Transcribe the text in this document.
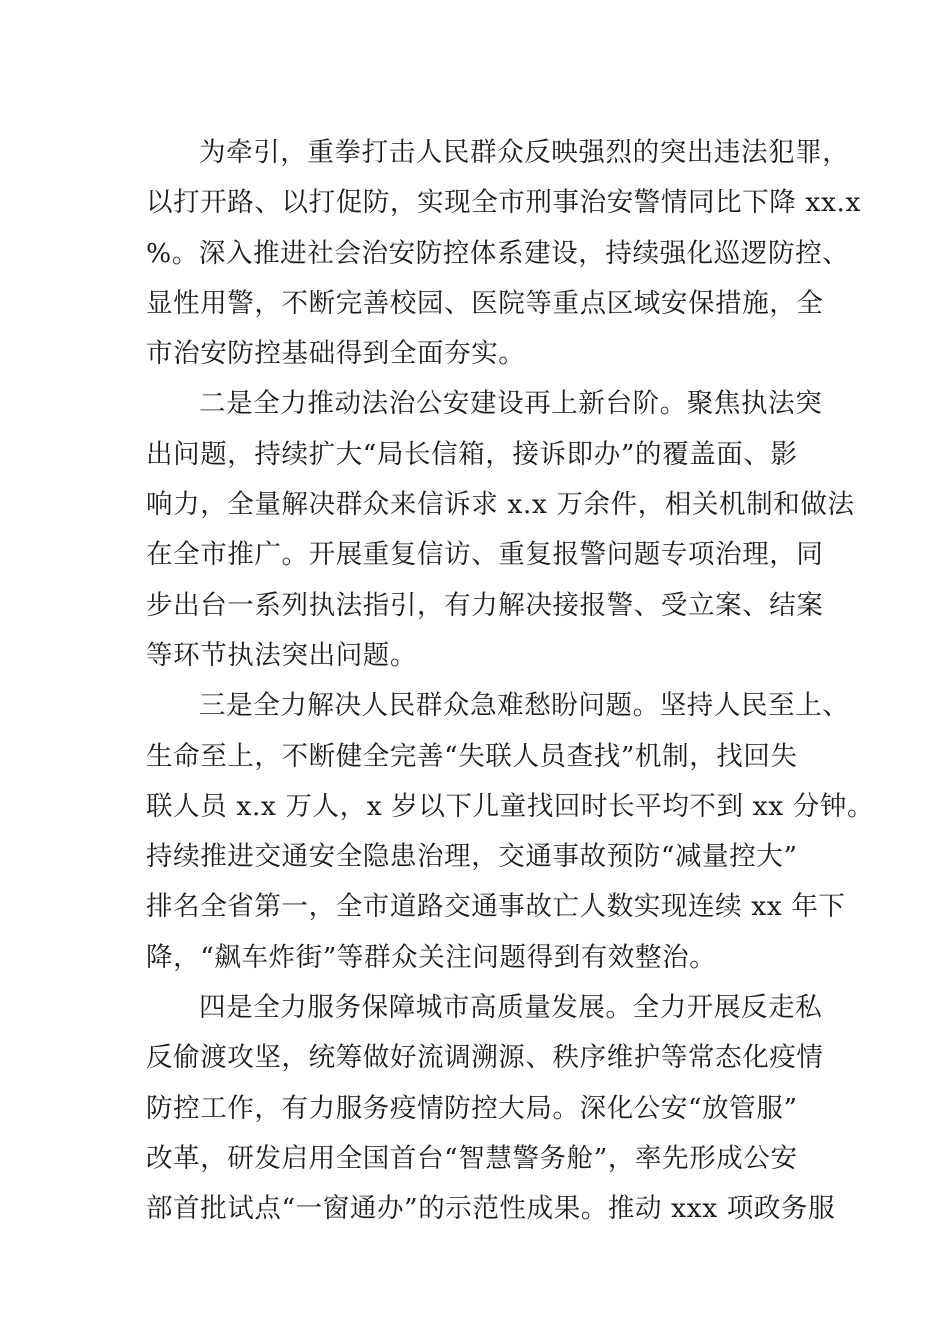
为牵引，重拳打击人民群众反映强烈的突出违法犯罪，
以打开路、以打促防，实现全市刑事治安警情同比下降 xx.x
%。深入推进社会治安防控体系建设，持续强化巡逻防控、
显性用警，不断完善校园、医院等重点区域安保措施，全
市治安防控基础得到全面夯实。
二是全力推动法治公安建设再上新台阶。聚焦执法突
出问题，持续扩大“局长信箱，接诉即办”的覆盖面、影
响力，全量解决群众来信诉求 x.x 万余件，相关机制和做法
在全市推广。开展重复信访、重复报警问题专项治理，同
步出台一系列执法指引，有力解决接报警、受立案、结案
等环节执法突出问题。
三是全力解决人民群众急难愁盼问题。坚持人民至上、
生命至上，不断健全完善“失联人员查找”机制，找回失
联人员 x.x 万人，x 岁以下儿童找回时长平均不到 xx 分钟。
持续推进交通安全隐患治理，交通事故预防“减量控大”
排名全省第一，全市道路交通事故亡人数实现连续 xx 年下
降，“飙车炸街”等群众关注问题得到有效整治。
四是全力服务保障城市高质量发展。全力开展反走私
反偷渡攻坚，统筹做好流调溯源、秩序维护等常态化疫情
防控工作，有力服务疫情防控大局。深化公安“放管服”
改革，研发启用全国首台“智慧警务舱”，率先形成公安
部首批试点“一窗通办”的示范性成果。推动 xxx 项政务服
